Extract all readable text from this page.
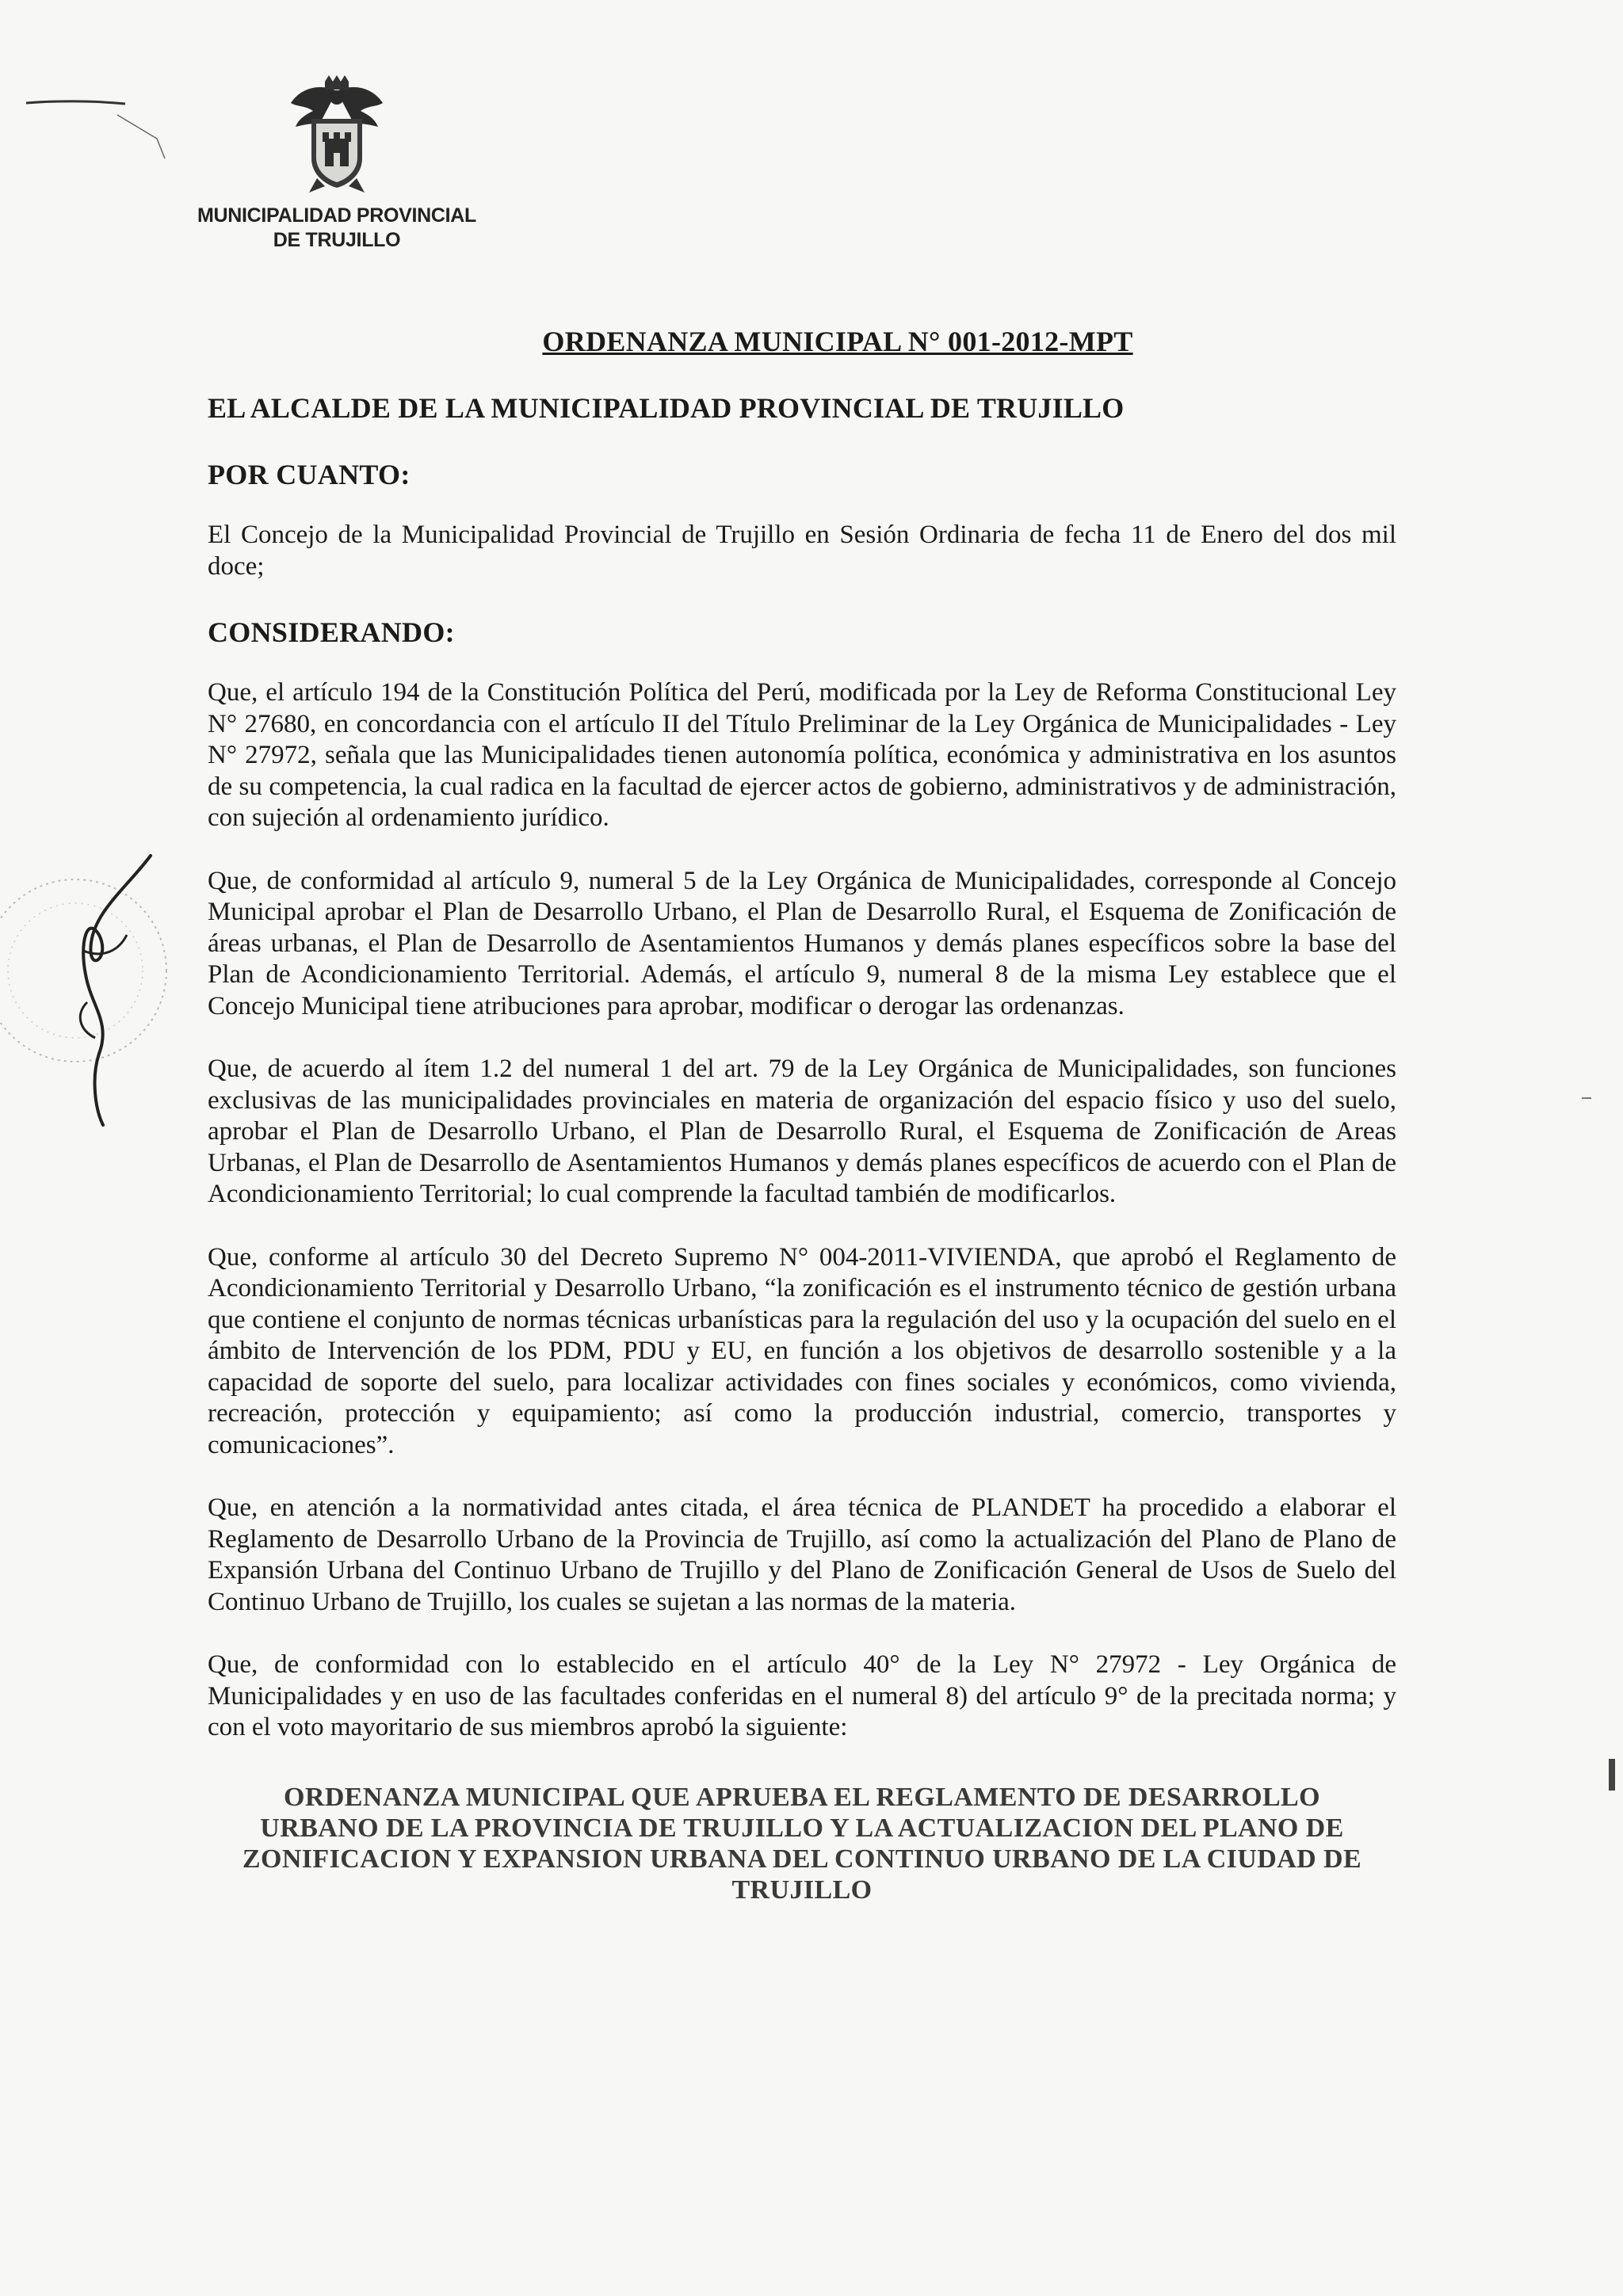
MUNICIPALIDAD PROVINCIAL
DE TRUJILLO
ORDENANZA MUNICIPAL N° 001-2012-MPT
EL ALCALDE DE LA MUNICIPALIDAD PROVINCIAL DE TRUJILLO
POR CUANTO:

El Concejo de la Municipalidad Provincial de Trujillo en Sesión Ordinaria de fecha 11 de Enero del dos mil doce;

CONSIDERANDO:

Que, el artículo 194 de la Constitución Política del Perú, modificada por la Ley de Reforma Constitucional Ley N° 27680, en concordancia con el artículo II del Título Preliminar de la Ley Orgánica de Municipalidades - Ley N° 27972, señala que las Municipalidades tienen autonomía política, económica y administrativa en los asuntos de su competencia, la cual radica en la facultad de ejercer actos de gobierno, administrativos y de administración, con sujeción al ordenamiento jurídico.

Que, de conformidad al artículo 9, numeral 5 de la Ley Orgánica de Municipalidades, corresponde al Concejo Municipal aprobar el Plan de Desarrollo Urbano, el Plan de Desarrollo Rural, el Esquema de Zonificación de áreas urbanas, el Plan de Desarrollo de Asentamientos Humanos y demás planes específicos sobre la base del Plan de Acondicionamiento Territorial. Además, el artículo 9, numeral 8 de la misma Ley establece que el Concejo Municipal tiene atribuciones para aprobar, modificar o derogar las ordenanzas.

Que, de acuerdo al ítem 1.2 del numeral 1 del art. 79 de la Ley Orgánica de Municipalidades, son funciones exclusivas de las municipalidades provinciales en materia de organización del espacio físico y uso del suelo, aprobar el Plan de Desarrollo Urbano, el Plan de Desarrollo Rural, el Esquema de Zonificación de Areas Urbanas, el Plan de Desarrollo de Asentamientos Humanos y demás planes específicos de acuerdo con el Plan de Acondicionamiento Territorial; lo cual comprende la facultad también de modificarlos.

Que, conforme al artículo 30 del Decreto Supremo N° 004-2011-VIVIENDA, que aprobó el Reglamento de Acondicionamiento Territorial y Desarrollo Urbano, “la zonificación es el instrumento técnico de gestión urbana que contiene el conjunto de normas técnicas urbanísticas para la regulación del uso y la ocupación del suelo en el ámbito de Intervención de los PDM, PDU y EU, en función a los objetivos de desarrollo sostenible y a la capacidad de soporte del suelo, para localizar actividades con fines sociales y económicos, como vivienda, recreación, protección y equipamiento; así como la producción industrial, comercio, transportes y comunicaciones”.

Que, en atención a la normatividad antes citada, el área técnica de PLANDET ha procedido a elaborar el Reglamento de Desarrollo Urbano de la Provincia de Trujillo, así como la actualización del Plano de Plano de Expansión Urbana del Continuo Urbano de Trujillo y del Plano de Zonificación General de Usos de Suelo del Continuo Urbano de Trujillo, los cuales se sujetan a las normas de la materia.

Que, de conformidad con lo establecido en el artículo 40° de la Ley N° 27972 - Ley Orgánica de Municipalidades y en uso de las facultades conferidas en el numeral 8) del artículo 9° de la precitada norma; y con el voto mayoritario de sus miembros aprobó la siguiente:

ORDENANZA MUNICIPAL QUE APRUEBA EL REGLAMENTO DE DESARROLLO URBANO DE LA PROVINCIA DE TRUJILLO Y LA ACTUALIZACION DEL PLANO DE ZONIFICACION Y EXPANSION URBANA DEL CONTINUO URBANO DE LA CIUDAD DE TRUJILLO
